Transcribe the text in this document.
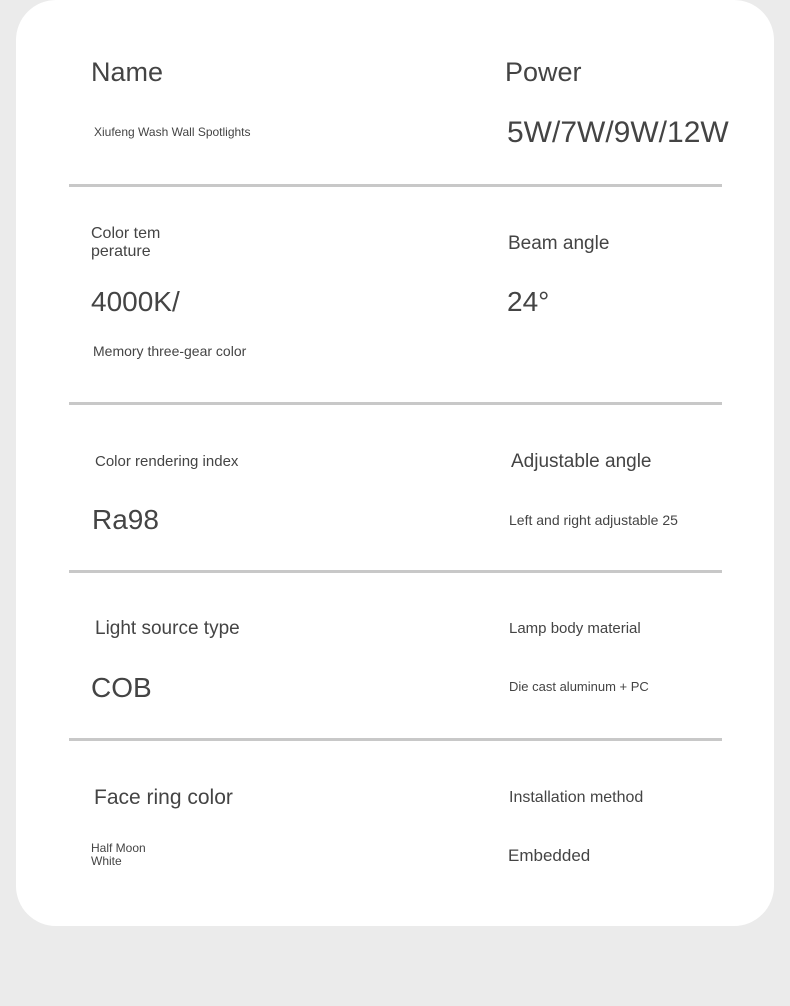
Name	Power
Xiufeng Wash Wall Spotlights	5W/7W/9W/12W
Color tem
perature	Beam angle
4000K/	24°
Memory three-gear color
Color rendering index	Adjustable angle
Ra98	Left and right adjustable 25
Light source type	Lamp body material
COB	Die cast aluminum + PC
Face ring color	Installation method
Half Moon
White	Embedded
